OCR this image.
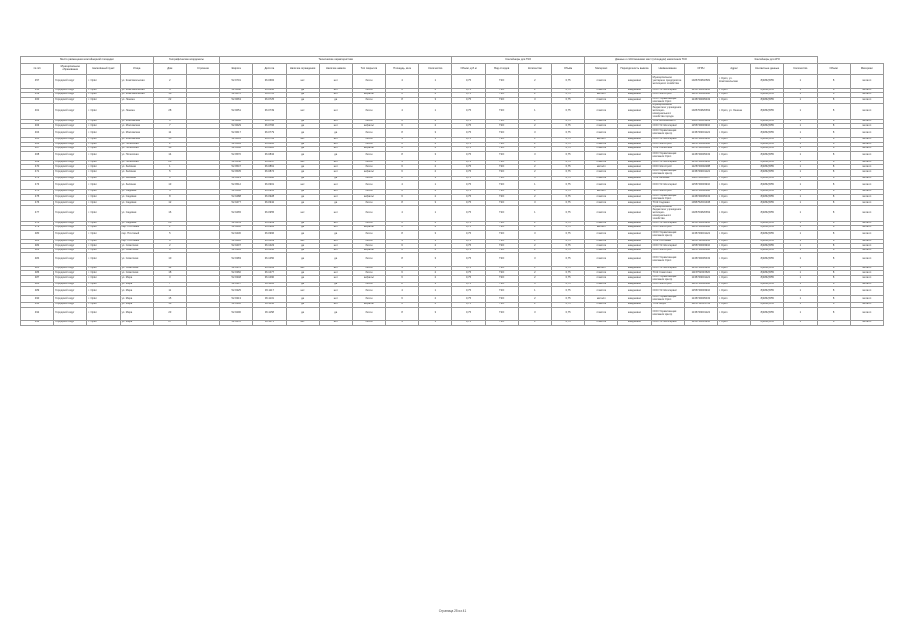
Место размещения контейнерной площадки				Географические координаты		Технические характеристики							Контейнеры для ТКО				Данные о собственниках мест (площадок) накопления ТКО				Контейнеры для КГО				
№ п/п	Муниципальное образование	Населённый пункт	Улица	Дом	Строение	Широта	Долгота	Наличие ограждения	Наличие навеса	Тип покрытия	Площадь, кв.м	Количество	Объём, куб.м	Вид отходов	Количество	Объём	Материал	Периодичность вывоза	Наименование	ОГРН	Адрес	Контактные данные	Количество	Объём	Материал
457	Городской округ	г. Орёл	ул. Комсомольская	2		52.9701	36.0684	нет	нет	бетон	4	1	0,75	ТКО	2	0,75	пластик	ежедневно	Муниципальное унитарное предприятие жилищного хозяйства	1025700832581	г. Орёл, ул. Комсомольская	8(4862)555	1	8	металл
458	Городской округ	г. Орёл	ул. Комсомольская	4		52.9688	36.0696	да	нет	бетон	6	2	0,75	ТКО	2	0,75	пластик	ежедневно	ООО УК Жилсервис	1155749003910	г. Орёл	8(4862)555	1	8	металл
459	Городской округ	г. Орёл	ул. Комсомольская	18		52.9676	36.0711	да	нет	асфальт	6	2	0,75	ТКО	2	0,75	металл	ежедневно	ООО Жилстрой	1125740002288	г. Орёл	8(4862)555	1	8	металл
460	Городской округ	г. Орёл	ул. Ленина	22		52.9663	36.0725	да	да	бетон	8	3	0,75	ТКО	3	0,75	пластик	ежедневно	ООО Управляющая компания Орёл	1145749005433	г. Орёл	8(4862)555	1	8	металл
461	Городской округ	г. Орёл	ул. Ленина	28		52.9651	36.0739	нет	нет	бетон	4	1	0,75	ТКО	1	0,75	пластик	ежедневно	Муниципальное бюджетное учреждение жилищно-коммунального хозяйства города	1025700826652	г. Орёл, ул. Ленина	8(4862)555	1	8	металл
462	Городской округ	г. Орёл	ул. Московская	3		52.9640	36.0752	да	нет	бетон	6	2	0,75	ТКО	2	0,75	пластик	ежедневно	ТСЖ Московская 3	1065752011209	г. Орёл	8(4862)555	1	8	металл
463	Городской округ	г. Орёл	ул. Московская	7		52.9629	36.0766	да	нет	асфальт	6	2	0,75	ТКО	2	0,75	пластик	ежедневно	ООО УК Жилсервис	1155749003910	г. Орёл	8(4862)555	1	8	металл
464	Городской округ	г. Орёл	ул. Московская	11		52.9617	36.0779	да	да	бетон	8	3	0,75	ТКО	3	0,75	пластик	ежедневно	ООО Управляющая компания Центр	1135749001122	г. Орёл	8(4862)555	1	8	металл
465	Городской округ	г. Орёл	ул. Московская	15		52.9605	36.0793	нет	нет	бетон	4	1	0,75	ТКО	1	0,75	металл	ежедневно	ООО УК Жилсервис	1155749003910	г. Орёл	8(4862)555	1	8	металл
466	Городской округ	г. Орёл	ул. Полесская	2		52.9594	36.0806	да	нет	бетон	6	2	0,75	ТКО	2	0,75	пластик	ежедневно	ООО Жилстрой	1125740002288	г. Орёл	8(4862)555	1	8	металл
467	Городской округ	г. Орёл	ул. Полесская	10		52.9582	36.0820	да	нет	асфальт	6	2	0,75	ТКО	2	0,75	пластик	ежедневно	ТСЖ Полесская	1075752003381	г. Орёл	8(4862)555	1	8	металл
468	Городской округ	г. Орёл	ул. Полесская	14		52.9570	36.0834	да	да	бетон	8	3	0,75	ТКО	3	0,75	пластик	ежедневно	ООО Управляющая компания Орёл	1145749005433	г. Орёл	8(4862)555	1	8	металл
469	Городской округ	г. Орёл	ул. Полесская	20		52.9558	36.0847	нет	нет	бетон	4	1	0,75	ТКО	1	0,75	пластик	ежедневно	ООО УК Жилсервис	1155749003910	г. Орёл	8(4862)555	1	8	металл
470	Городской округ	г. Орёл	ул. Зелёная	1		52.9547	36.0861	да	нет	бетон	6	2	0,75	ТКО	2	0,75	металл	ежедневно	ООО Жилстрой	1125740002288	г. Орёл	8(4862)555	1	8	металл
471	Городской округ	г. Орёл	ул. Зелёная	5		52.9535	36.0874	да	нет	асфальт	6	2	0,75	ТКО	2	0,75	пластик	ежедневно	ООО Управляющая компания Центр	1135749001122	г. Орёл	8(4862)555	1	8	металл
472	Городской округ	г. Орёл	ул. Зелёная	9		52.9523	36.0888	да	да	бетон	8	3	0,75	ТКО	3	0,75	пластик	ежедневно	ТСЖ Зелёная	1085752004117	г. Орёл	8(4862)555	1	8	металл
473	Городской округ	г. Орёл	ул. Зелёная	13		52.9512	36.0901	нет	нет	бетон	4	1	0,75	ТКО	1	0,75	пластик	ежедневно	ООО УК Жилсервис	1155749003910	г. Орёл	8(4862)555	1	8	металл
474	Городской округ	г. Орёл	ул. Садовая	4		52.9500	36.0915	да	нет	бетон	6	2	0,75	ТКО	2	0,75	металл	ежедневно	ООО Жилстрой	1125740002288	г. Орёл	8(4862)555	1	8	металл
475	Городской округ	г. Орёл	ул. Садовая	8		52.9488	36.0928	да	нет	асфальт	6	2	0,75	ТКО	2	0,75	пластик	ежедневно	ООО Управляющая компания Орёл	1145749005433	г. Орёл	8(4862)555	1	8	металл
476	Городской округ	г. Орёл	ул. Садовая	12		52.9477	36.0942	да	да	бетон	8	3	0,75	ТКО	3	0,75	пластик	ежедневно	ТСЖ Садовая	1095752001945	г. Орёл	8(4862)555	1	8	металл
477	Городской округ	г. Орёл	ул. Садовая	16		52.9465	36.0955	нет	нет	бетон	4	1	0,75	ТКО	1	0,75	пластик	ежедневно	Муниципальное бюджетное учреждение жилищно-коммунального хозяйства	1025700826652	г. Орёл	8(4862)555	1	8	металл
478	Городской округ	г. Орёл	ул. Садовая	20		52.9453	36.0969	да	нет	бетон	6	2	0,75	ТКО	2	0,75	пластик	ежедневно	ООО УК Жилсервис	1155749003910	г. Орёл	8(4862)555	1	8	металл
479	Городской округ	г. Орёл	пер. Почтовый	1		52.9442	36.0982	да	нет	асфальт	6	2	0,75	ТКО	2	0,75	металл	ежедневно	ООО Жилстрой	1125740002288	г. Орёл	8(4862)555	1	8	металл
480	Городской округ	г. Орёл	пер. Почтовый	5		52.9430	36.0996	да	да	бетон	8	3	0,75	ТКО	3	0,75	пластик	ежедневно	ООО Управляющая компания Центр	1135749001122	г. Орёл	8(4862)555	1	8	металл
481	Городской округ	г. Орёл	пер. Почтовый	9		52.9418	36.1009	нет	нет	бетон	4	1	0,75	ТКО	1	0,75	пластик	ежедневно	ТСЖ Почтовый	1105752002216	г. Орёл	8(4862)555	1	8	металл
482	Городской округ	г. Орёл	ул. Советская	2		52.9407	36.1023	да	нет	бетон	6	2	0,75	ТКО	2	0,75	пластик	ежедневно	ООО УК Жилсервис	1155749003910	г. Орёл	8(4862)555	1	8	металл
483	Городской округ	г. Орёл	ул. Советская	6		52.9395	36.1036	да	нет	асфальт	6	2	0,75	ТКО	2	0,75	пластик	ежедневно	ООО Жилстрой	1125740002288	г. Орёл	8(4862)555	1	8	металл
484	Городской округ	г. Орёл	ул. Советская	10		52.9383	36.1050	да	да	бетон	8	3	0,75	ТКО	3	0,75	пластик	ежедневно	ООО Управляющая компания Орёл	1145749005433	г. Орёл	8(4862)555	1	8	металл
485	Городской округ	г. Орёл	ул. Советская	14		52.9372	36.1063	нет	нет	бетон	4	1	0,75	ТКО	1	0,75	металл	ежедневно	ООО УК Жилсервис	1155749003910	г. Орёл	8(4862)555	1	8	металл
486	Городской округ	г. Орёл	ул. Советская	18		52.9360	36.1077	да	нет	бетон	6	2	0,75	ТКО	2	0,75	пластик	ежедневно	ТСЖ Советская	1115752003520	г. Орёл	8(4862)555	1	8	металл
487	Городской округ	г. Орёл	ул. Мира	3		52.9348	36.1090	да	нет	асфальт	6	2	0,75	ТКО	2	0,75	пластик	ежедневно	ООО Управляющая компания Центр	1135749001122	г. Орёл	8(4862)555	1	8	металл
488	Городской округ	г. Орёл	ул. Мира	7		52.9337	36.1104	да	да	бетон	8	3	0,75	ТКО	3	0,75	пластик	ежедневно	ООО Жилстрой	1125740002288	г. Орёл	8(4862)555	1	8	металл
489	Городской округ	г. Орёл	ул. Мира	11		52.9325	36.1117	нет	нет	бетон	4	1	0,75	ТКО	1	0,75	пластик	ежедневно	ООО УК Жилсервис	1155749003910	г. Орёл	8(4862)555	1	8	металл
490	Городской округ	г. Орёл	ул. Мира	15		52.9313	36.1131	да	нет	бетон	6	2	0,75	ТКО	2	0,75	металл	ежедневно	ООО Управляющая компания Орёл	1145749005433	г. Орёл	8(4862)555	1	8	металл
491	Городской округ	г. Орёл	ул. Мира	19		52.9302	36.1144	да	нет	асфальт	6	2	0,75	ТКО	2	0,75	пластик	ежедневно	ТСЖ Мира	1125752001733	г. Орёл	8(4862)555	1	8	металл
492	Городской округ	г. Орёл	ул. Мира	23		52.9290	36.1158	да	да	бетон	8	3	0,75	ТКО	3	0,75	пластик	ежедневно	ООО Управляющая компания Центр	1135749001122	г. Орёл	8(4862)555	1	8	металл
493	Городской округ	г. Орёл	ул. Мира	27		52.9278	36.1171	нет	нет	бетон	4	1	0,75	ТКО	1	0,75	пластик	ежедневно	ООО УК Жилсервис	1155749003910	г. Орёл	8(4862)555	1	8	металл
Страница 25 из 41
